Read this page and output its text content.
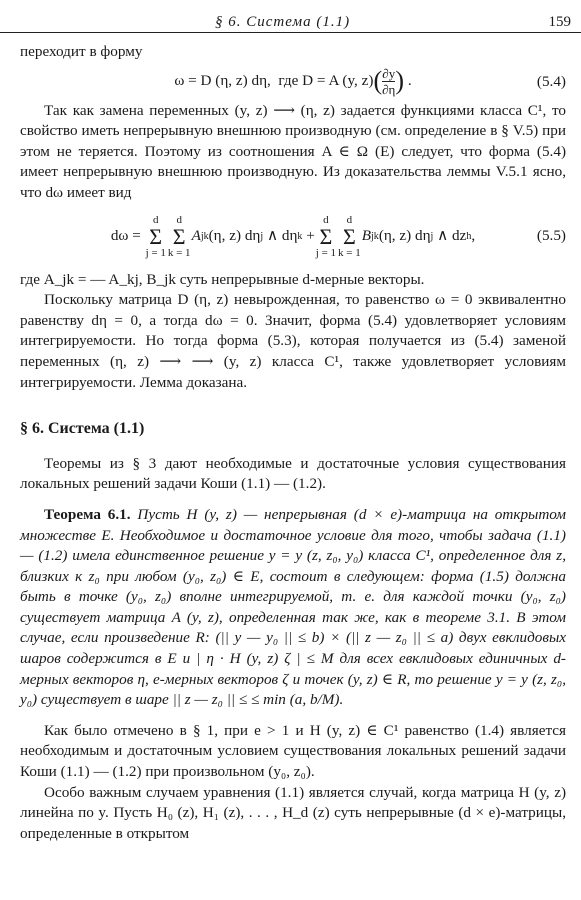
§ 6. Система (1.1)	159

переходит в форму

ω = D (η, z) dη,
где
D = A (y, z) ( $\frac{\partial y}{\partial\eta}$ ) .	(5.4)

Так как замена переменных (y, z) ⟶ (η, z) задается функциями класса C¹, то свойство иметь непрерывную внешнюю производную (см. определение в § V.5) при этом не теряется. Поэтому из соотношения A ∈ Ω (E) следует, что форма (5.4) имеет непрерывную внешнюю производную. Из доказательства леммы V.5.1 ясно, что dω имеет вид

dω =

d
Σ
j = 1
d
Σ
k = 1
A jk (η, z) dη j
∧ dη k
+
d
Σ
j = 1
d
Σ
k = 1
B jk (η, z) dη j
∧ dz h ,	(5.5)

где A_jk = — A_kj, B_jk суть непрерывные d-мерные векторы.

Поскольку матрица D (η, z) невырожденная, то равенство ω = 0 эквивалентно равенству dη = 0, а тогда dω = 0. Значит, форма (5.4) удовлетворяет условиям интегрируемости. Но тогда форма (5.3), которая получается из (5.4) заменой переменных (η, z) ⟶ ⟶ (y, z) класса C¹, также удовлетворяет условиям интегрируемости. Лемма доказана.

§ 6. Система (1.1)

Теоремы из § 3 дают необходимые и достаточные условия существования локальных решений задачи Коши (1.1) — (1.2).

Теорема 6.1. Пусть H (y, z) — непрерывная (d × e)-матрица на открытом множестве E. Необходимое и достаточное условие для того, чтобы задача (1.1) — (1.2) имела единственное решение y = y (z, z₀, y₀) класса C¹, определенное для z, близких к z₀ при любом (y₀, z₀) ∈ E, состоит в следующем: форма (1.5) должна быть в точке (y₀, z₀) вполне интегрируемой, т. е. для каждой точки (y₀, z₀) существует матрица A (y, z), определенная так же, как в теореме 3.1. В этом случае, если произведение R: (|| y — y₀ || ≤ b) × (|| z — z₀ || ≤ a) двух евклидовых шаров содержится в E и | η · H (y, z) ζ | ≤ M для всех евклидовых единичных d-мерных векторов η, e-мерных векторов ζ и точек (y, z) ∈ R, то решение y = y (z, z₀, y₀) существует в шаре || z — z₀ || ≤ ≤ min (a, b/M).

Как было отмечено в § 1, при e > 1 и H (y, z) ∈ C¹ равенство (1.4) является необходимым и достаточным условием существования локальных решений задачи Коши (1.1) — (1.2) при произвольном (y₀, z₀).

Особо важным случаем уравнения (1.1) является случай, когда матрица H (y, z) линейна по y. Пусть H₀ (z), H₁ (z), . . . , H_d (z) суть непрерывные (d × e)-матрицы, определенные в открытом
